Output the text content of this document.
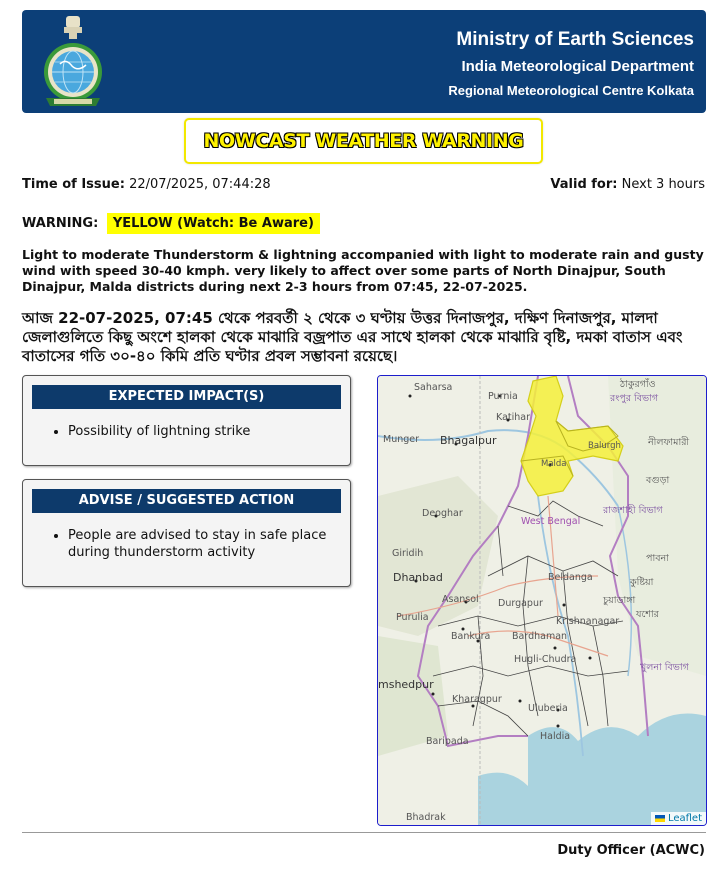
Ministry of Earth Sciences
India Meteorological Department
Regional Meteorological Centre Kolkata
NOWCAST WEATHER WARNING
Time of Issue: 22/07/2025, 07:44:28	Valid for: Next 3 hours
WARNING: YELLOW (Watch: Be Aware)

Light to moderate Thunderstorm & lightning accompanied with light to moderate rain and gusty wind with speed 30-40 kmph. very likely to affect over some parts of North Dinajpur, South Dinajpur, Malda districts during next 2-3 hours from 07:45, 22-07-2025.

আজ 22-07-2025, 07:45 থেকে পরবর্তী ২ থেকে ৩ ঘণ্টায় উত্তর দিনাজপুর, দক্ষিণ দিনাজপুর, মালদা জেলাগুলিতে কিছু অংশে হালকা থেকে মাঝারি বজ্রপাত এর সাথে হালকা থেকে মাঝারি বৃষ্টি, দমকা বাতাস এবং বাতাসের গতি ৩০-৪০ কিমি প্রতি ঘণ্টার প্রবল সম্ভাবনা রয়েছে।

EXPECTED IMPACT(S)
• Possibility of lightning strike
ADVISE / SUGGESTED ACTION
• People are advised to stay in safe place during thunderstorm activity
Saharsa
Purnia
Katihar
Munger Bhagalpur
Malda
Balurgh
Deoghar
Giridih
Dhanbad
West Bengal
Asansol Durgapur
Beldanga
Krishnanagar
Purulia
Bankura Bardhaman
Hugli-Chudra
mshedpur
Kharagpur
Uluberia
Haldia
Baripada
Bhadrak
রংপুর বিভাগ
রাজশাহী বিভাগ
খুলনা বিভাগ
বগুড়া
কুষ্টিয়া
যশোর
ঠাকুরগাঁও
নীলফামারী
পাবনা
চুয়াডাঙ্গা
Leaflet
Duty Officer (ACWC)
